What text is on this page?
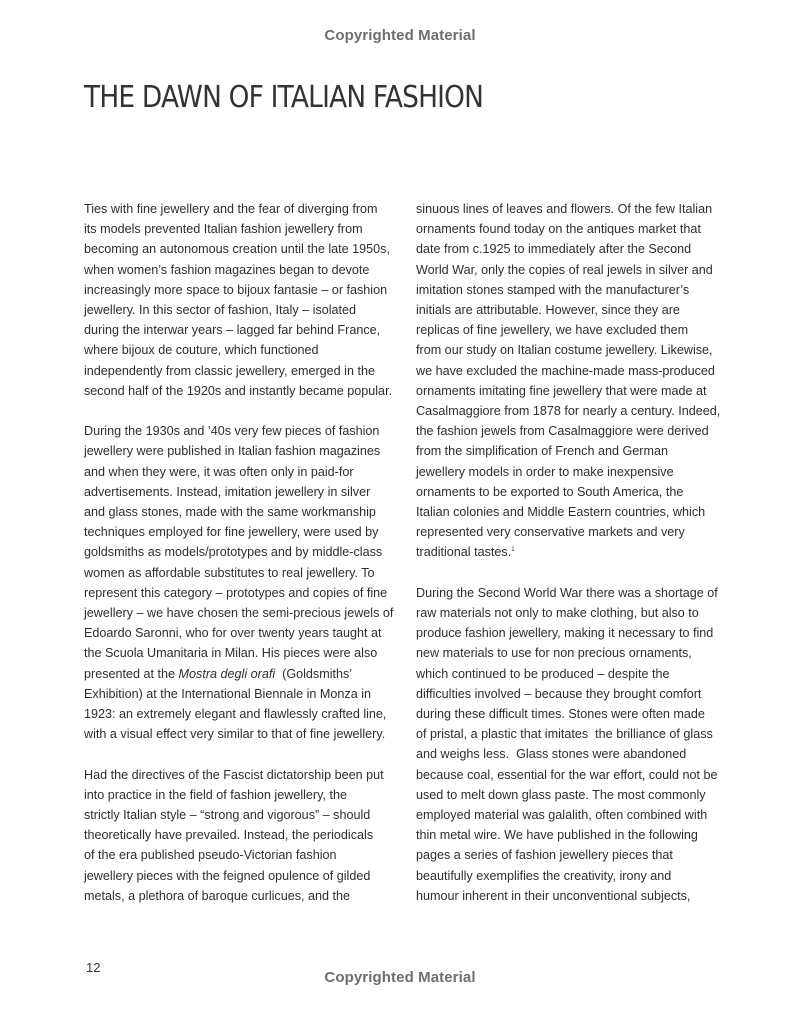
Copyrighted Material
THE DAWN OF ITALIAN FASHION

Ties with fine jewellery and the fear of diverging from
its models prevented Italian fashion jewellery from
becoming an autonomous creation until the late 1950s,
when women’s fashion magazines began to devote
increasingly more space to bijoux fantasie – or fashion
jewellery. In this sector of fashion, Italy – isolated
during the interwar years – lagged far behind France,
where bijoux de couture, which functioned
independently from classic jewellery, emerged in the
second half of the 1920s and instantly became popular.

During the 1930s and ’40s very few pieces of fashion
jewellery were published in Italian fashion magazines
and when they were, it was often only in paid-for
advertisements. Instead, imitation jewellery in silver
and glass stones, made with the same workmanship
techniques employed for fine jewellery, were used by
goldsmiths as models/prototypes and by middle-class
women as affordable substitutes to real jewellery. To
represent this category – prototypes and copies of fine
jewellery – we have chosen the semi-precious jewels of
Edoardo Saronni, who for over twenty years taught at
the Scuola Umanitaria in Milan. His pieces were also
presented at the Mostra degli orafi  (Goldsmiths’
Exhibition) at the International Biennale in Monza in
1923: an extremely elegant and flawlessly crafted line,
with a visual effect very similar to that of fine jewellery.

Had the directives of the Fascist dictatorship been put
into practice in the field of fashion jewellery, the
strictly Italian style – “strong and vigorous” – should
theoretically have prevailed. Instead, the periodicals
of the era published pseudo-Victorian fashion
jewellery pieces with the feigned opulence of gilded
metals, a plethora of baroque curlicues, and the

sinuous lines of leaves and flowers. Of the few Italian
ornaments found today on the antiques market that
date from c.1925 to immediately after the Second
World War, only the copies of real jewels in silver and
imitation stones stamped with the manufacturer’s
initials are attributable. However, since they are
replicas of fine jewellery, we have excluded them
from our study on Italian costume jewellery. Likewise,
we have excluded the machine-made mass-produced
ornaments imitating fine jewellery that were made at
Casalmaggiore from 1878 for nearly a century. Indeed,
the fashion jewels from Casalmaggiore were derived
from the simplification of French and German
jewellery models in order to make inexpensive
ornaments to be exported to South America, the
Italian colonies and Middle Eastern countries, which
represented very conservative markets and very
traditional tastes.$^1$

During the Second World War there was a shortage of
raw materials not only to make clothing, but also to
produce fashion jewellery, making it necessary to find
new materials to use for non precious ornaments,
which continued to be produced – despite the
difficulties involved – because they brought comfort
during these difficult times. Stones were often made
of pristal, a plastic that imitates  the brilliance of glass
and weighs less.  Glass stones were abandoned
because coal, essential for the war effort, could not be
used to melt down glass paste. The most commonly
employed material was galalith, often combined with
thin metal wire. We have published in the following
pages a series of fashion jewellery pieces that
beautifully exemplifies the creativity, irony and
humour inherent in their unconventional subjects,

12
Copyrighted Material
